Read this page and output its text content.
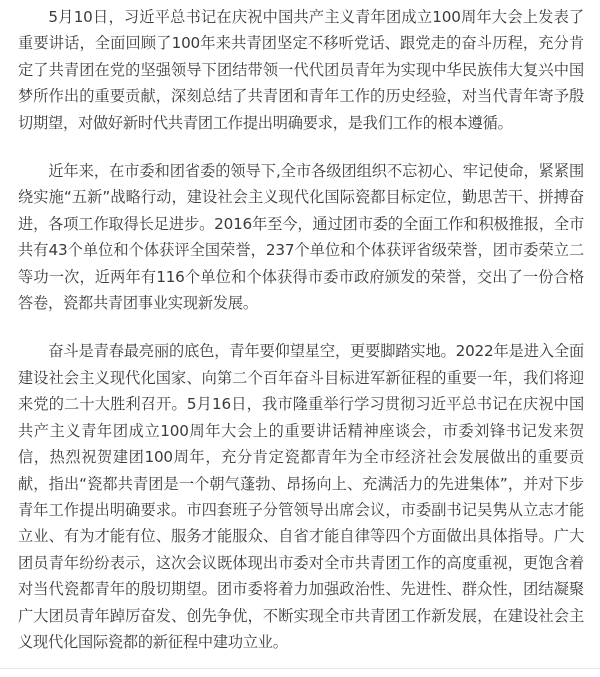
5月10日，习近平总书记在庆祝中国共产主义青年团成立100周年大会上发表了重要讲话，全面回顾了100年来共青团坚定不移听党话、跟党走的奋斗历程，充分肯定了共青团在党的坚强领导下团结带领一代代团员青年为实现中华民族伟大复兴中国梦所作出的重要贡献，深刻总结了共青团和青年工作的历史经验，对当代青年寄予殷切期望，对做好新时代共青团工作提出明确要求，是我们工作的根本遵循。

近年来，在市委和团省委的领导下,全市各级团组织不忘初心、牢记使命，紧紧围绕实施“五新”战略行动，建设社会主义现代化国际瓷都目标定位，勤思苦干、拼搏奋进，各项工作取得长足进步。2016年至今，通过团市委的全面工作和积极推报，全市共有43个单位和个体获评全国荣誉，237个单位和个体获评省级荣誉，团市委荣立二等功一次，近两年有116个单位和个体获得市委市政府颁发的荣誉，交出了一份合格答卷，瓷都共青团事业实现新发展。

奋斗是青春最亮丽的底色，青年要仰望星空，更要脚踏实地。2022年是进入全面建设社会主义现代化国家、向第二个百年奋斗目标进军新征程的重要一年，我们将迎来党的二十大胜利召开。5月16日，我市隆重举行学习贯彻习近平总书记在庆祝中国共产主义青年团成立100周年大会上的重要讲话精神座谈会，市委刘锋书记发来贺信，热烈祝贺建团100周年，充分肯定瓷都青年为全市经济社会发展做出的重要贡献，指出“瓷都共青团是一个朝气蓬勃、昂扬向上、充满活力的先进集体”，并对下步青年工作提出明确要求。市四套班子分管领导出席会议，市委副书记吴隽从立志才能立业、有为才能有位、服务才能服众、自省才能自律等四个方面做出具体指导。广大团员青年纷纷表示，这次会议既体现出市委对全市共青团工作的高度重视，更饱含着对当代瓷都青年的殷切期望。团市委将着力加强政治性、先进性、群众性，团结凝聚广大团员青年踔厉奋发、创先争优，不断实现全市共青团工作新发展，在建设社会主义现代化国际瓷都的新征程中建功立业。
